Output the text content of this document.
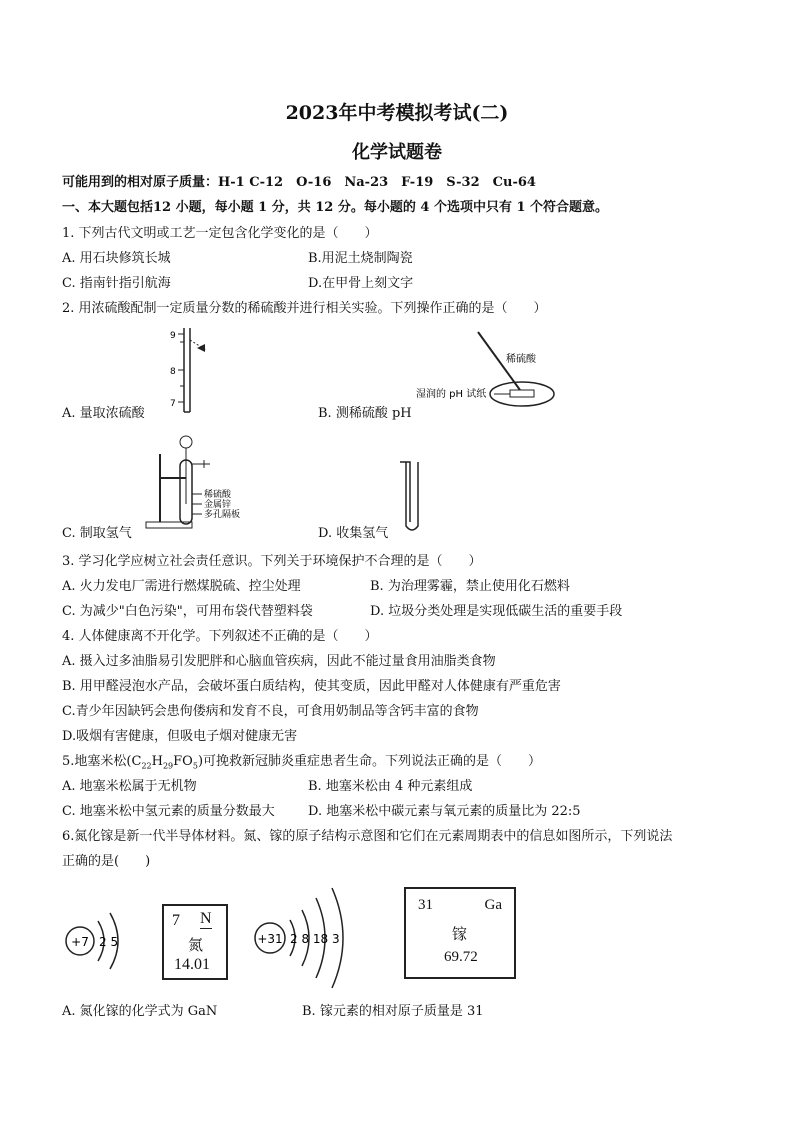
2023年中考模拟考试(二)
化学试题卷
可能用到的相对原子质量：H-1 C-12　O-16　Na-23　F-19　S-32　Cu-64
一、本大题包括12 小题，每小题 1 分，共 12 分。每小题的 4 个选项中只有 1 个符合题意。
1. 下列古代文明或工艺一定包含化学变化的是（　　）
A. 用石块修筑长城	B.用泥土烧制陶瓷
C. 指南针指引航海	D.在甲骨上刻文字
2. 用浓硫酸配制一定质量分数的稀硫酸并进行相关实验。下列操作正确的是（　　）
9
8
7
A. 量取浓硫酸
稀硫酸
湿润的 pH 试纸
B. 测稀硫酸 pH
稀硫酸
金属锌
多孔隔板
C. 制取氢气	D. 收集氢气
3. 学习化学应树立社会责任意识。下列关于环境保护不合理的是（　　）
A. 火力发电厂需进行燃煤脱硫、控尘处理	B. 为治理雾霾，禁止使用化石燃料
C. 为减少"白色污染"，可用布袋代替塑料袋	D. 垃圾分类处理是实现低碳生活的重要手段
4. 人体健康离不开化学。下列叙述不正确的是（　　）
A. 摄入过多油脂易引发肥胖和心脑血管疾病，因此不能过量食用油脂类食物
B. 用甲醛浸泡水产品，会破坏蛋白质结构，使其变质，因此甲醛对人体健康有严重危害
C.青少年因缺钙会患佝偻病和发育不良，可食用奶制品等含钙丰富的食物
D.吸烟有害健康，但吸电子烟对健康无害
5.地塞米松$(C_{22}H_{29}FO_5)$可挽救新冠肺炎重症患者生命。下列说法正确的是（　　）
A. 地塞米松属于无机物	B. 地塞米松由 4 种元素组成
C. 地塞米松中氢元素的质量分数最大	D. 地塞米松中碳元素与氧元素的质量比为 22:5
6.氮化镓是新一代半导体材料。氮、镓的原子结构示意图和它们在元素周期表中的信息如图所示，下列说法
正确的是(　　)
+7 2 5
7 N
氮
14.01
+31 2 8 18 3
31	Ga
镓
69.72
A. 氮化镓的化学式为 GaN	B. 镓元素的相对原子质量是 31
